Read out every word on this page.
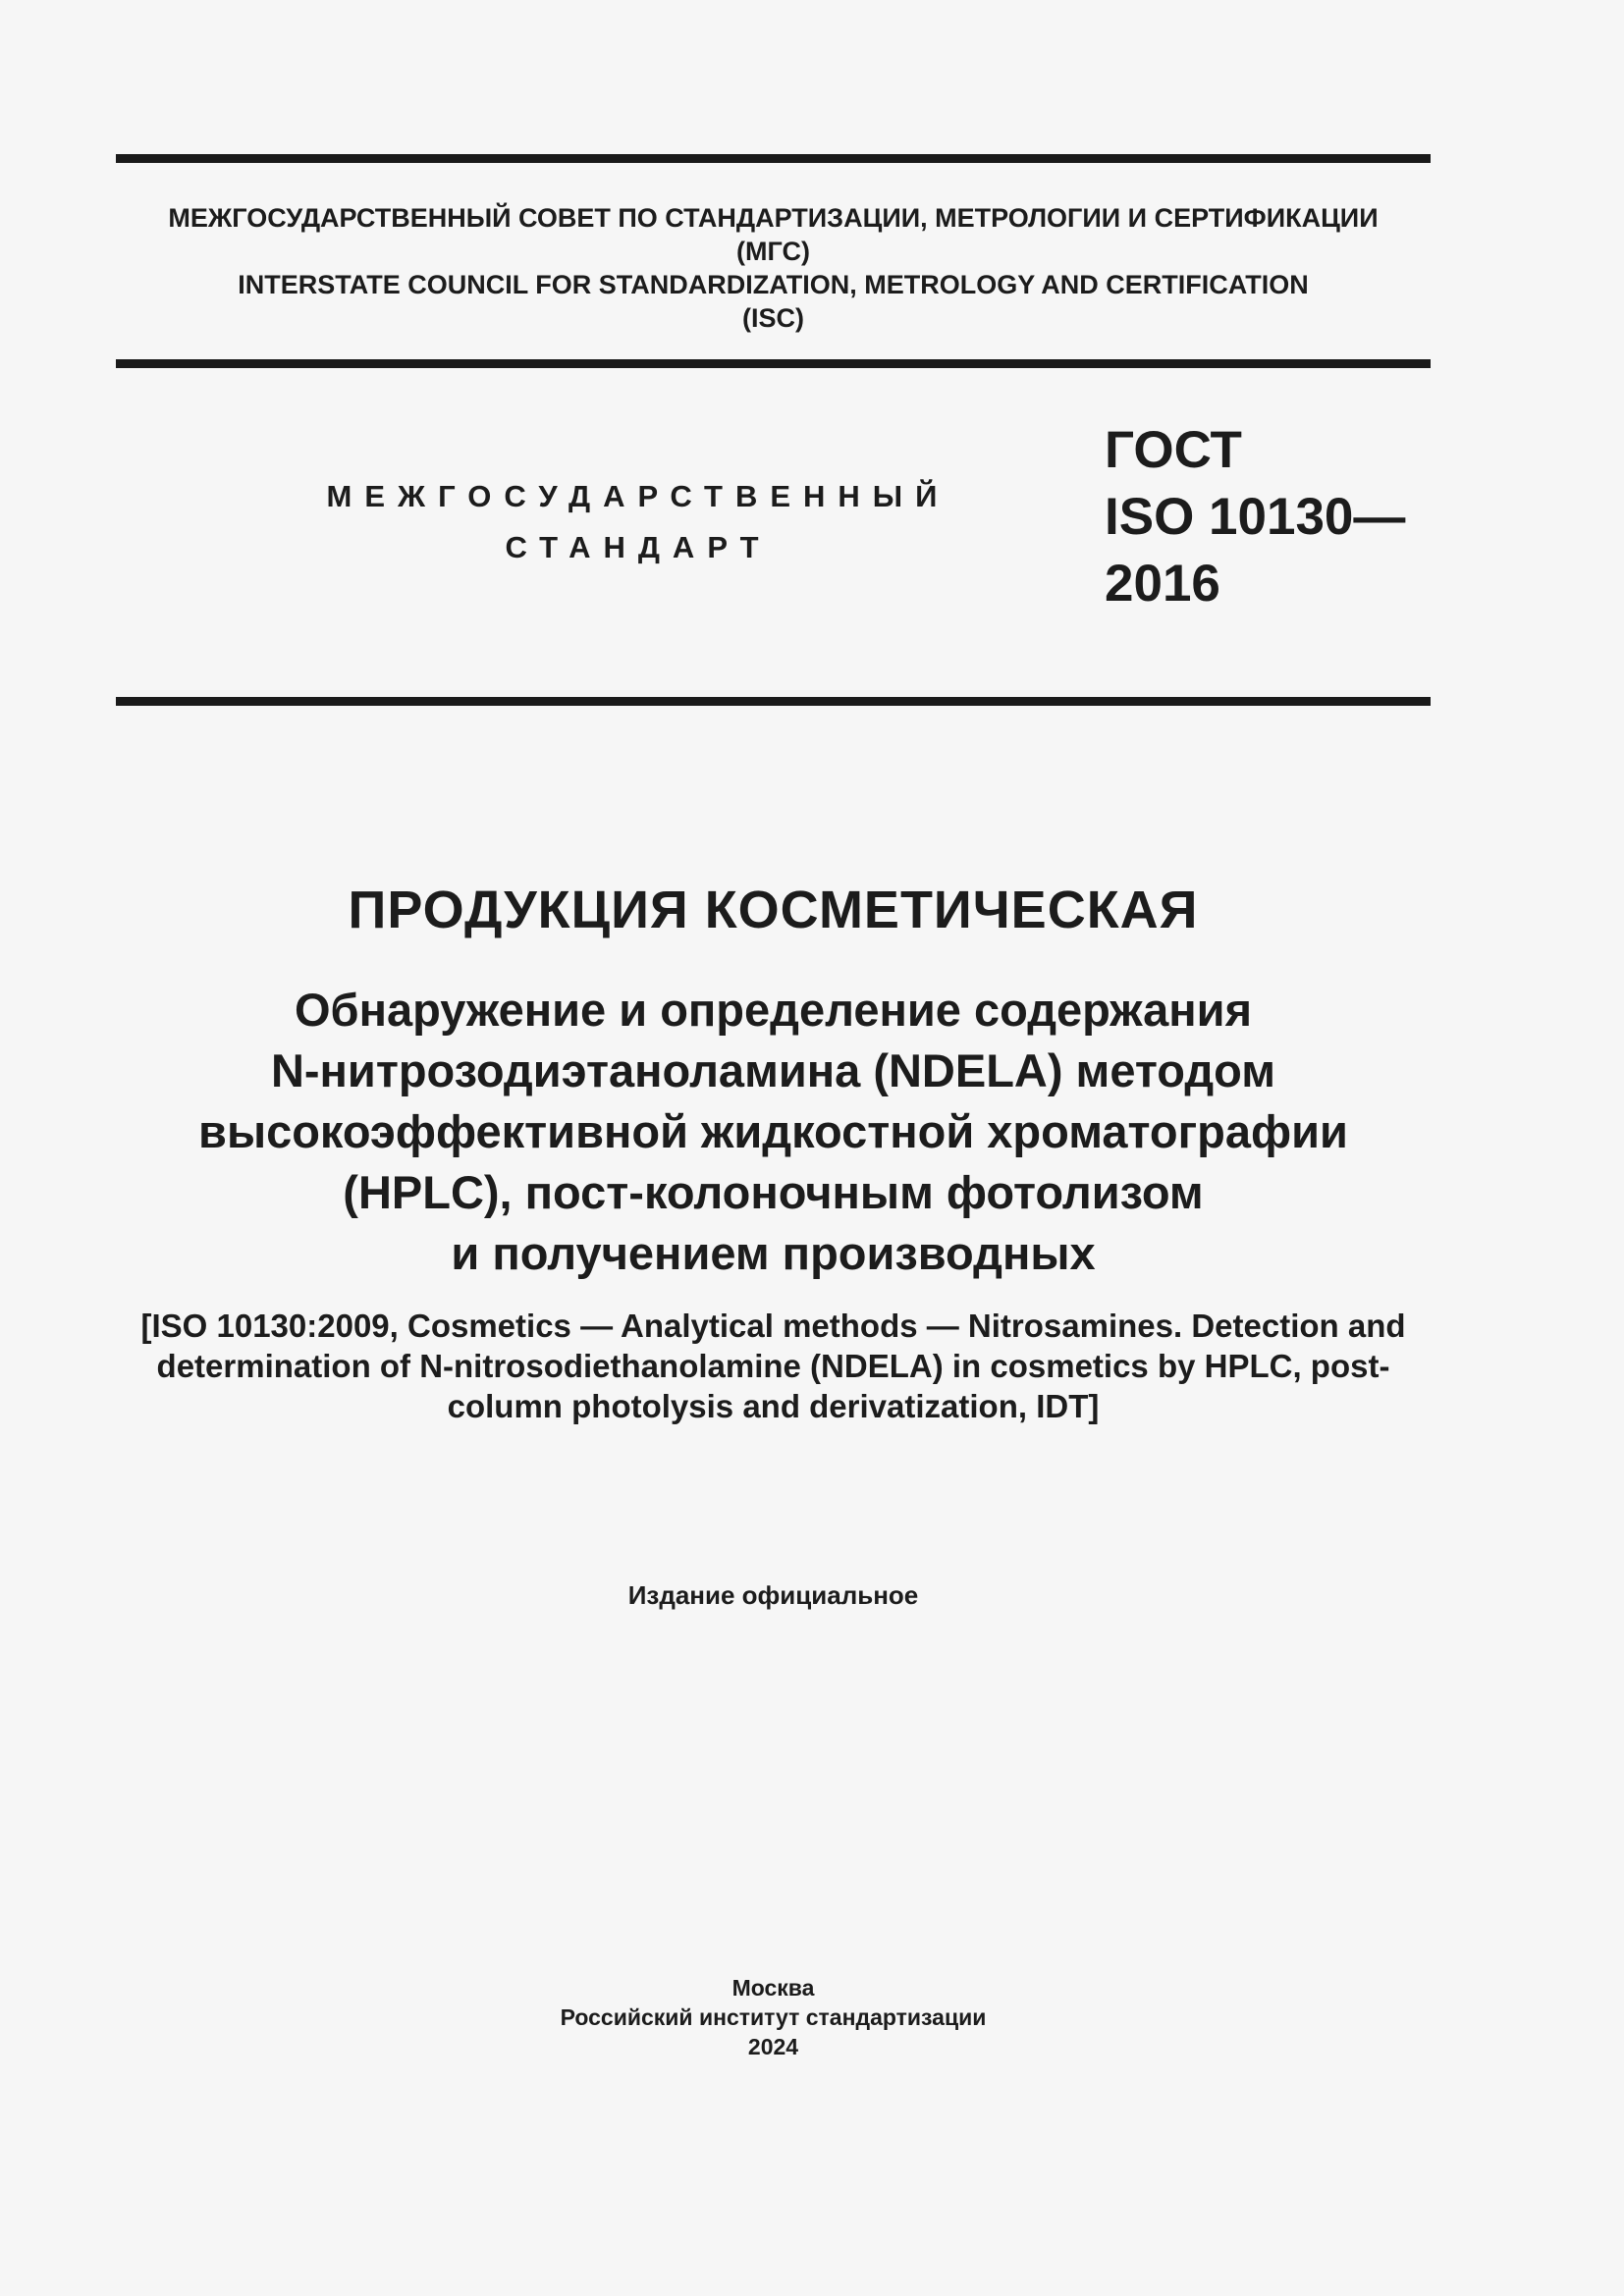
МЕЖГОСУДАРСТВЕННЫЙ СОВЕТ ПО СТАНДАРТИЗАЦИИ, МЕТРОЛОГИИ И СЕРТИФИКАЦИИ
(МГС)
INTERSTATE COUNCIL FOR STANDARDIZATION, METROLOGY AND CERTIFICATION
(ISC)
МЕЖГОСУДАРСТВЕННЫЙ
СТАНДАРТ
ГОСТ
ISO 10130—
2016
ПРОДУКЦИЯ КОСМЕТИЧЕСКАЯ
Обнаружение и определение содержания
N-нитрозодиэтаноламина (NDELA) методом
высокоэффективной жидкостной хроматографии
(HPLC), пост-колоночным фотолизом
и получением производных
[ISO 10130:2009, Cosmetics — Analytical methods — Nitrosamines. Detection and
determination of N-nitrosodiethanolamine (NDELA) in cosmetics by HPLC, post-
column photolysis and derivatization, IDT]
Издание официальное
Москва
Российский институт стандартизации
2024
